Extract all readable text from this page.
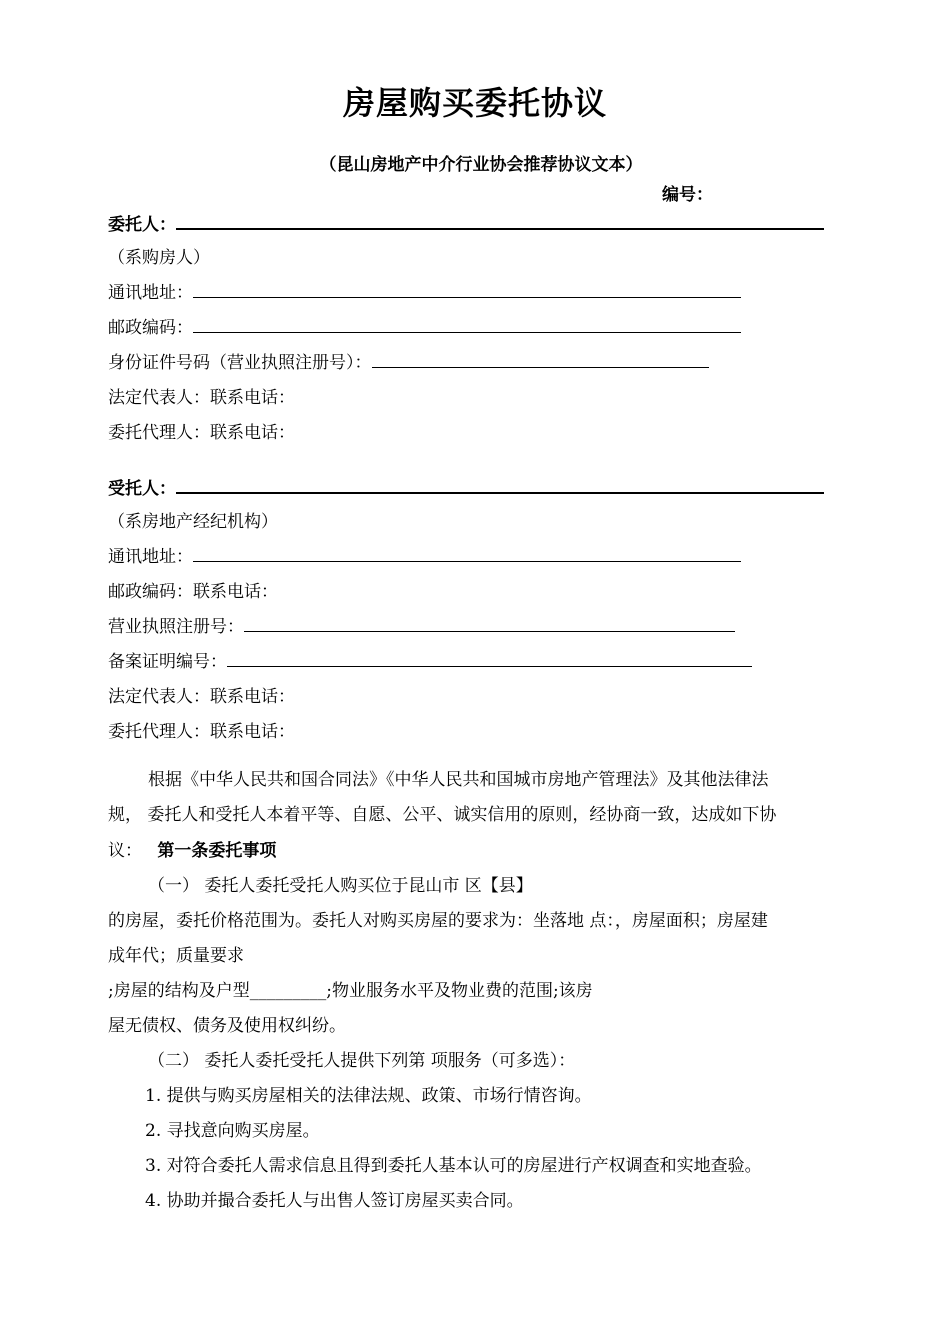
房屋购买委托协议
（昆山房地产中介行业协会推荐协议文本）
编号：
委托人：
（系购房人）
通讯地址：
邮政编码：
身份证件号码（营业执照注册号）：
法定代表人：联系电话：
委托代理人：联系电话：
受托人：
（系房地产经纪机构）
通讯地址：
邮政编码：联系电话：
营业执照注册号：
备案证明编号：
法定代表人：联系电话：
委托代理人：联系电话：
根据《中华人民共和国合同法》《中华人民共和国城市房地产管理法》及其他法律法
规， 委托人和受托人本着平等、自愿、公平、诚实信用的原则，经协商一致，达成如下协
议： 第一条委托事项
（一） 委托人委托受托人购买位于昆山市 区【县】
的房屋，委托价格范围为。委托人对购买房屋的要求为：坐落地 点：，房屋面积；房屋建
成年代；质量要求
;房屋的结构及户型_________;物业服务水平及物业费的范围;该房
屋无债权、债务及使用权纠纷。
（二） 委托人委托受托人提供下列第 项服务（可多选）：
1. 提供与购买房屋相关的法律法规、政策、市场行情咨询。
2. 寻找意向购买房屋。
3. 对符合委托人需求信息且得到委托人基本认可的房屋进行产权调查和实地查验。
4. 协助并撮合委托人与出售人签订房屋买卖合同。
